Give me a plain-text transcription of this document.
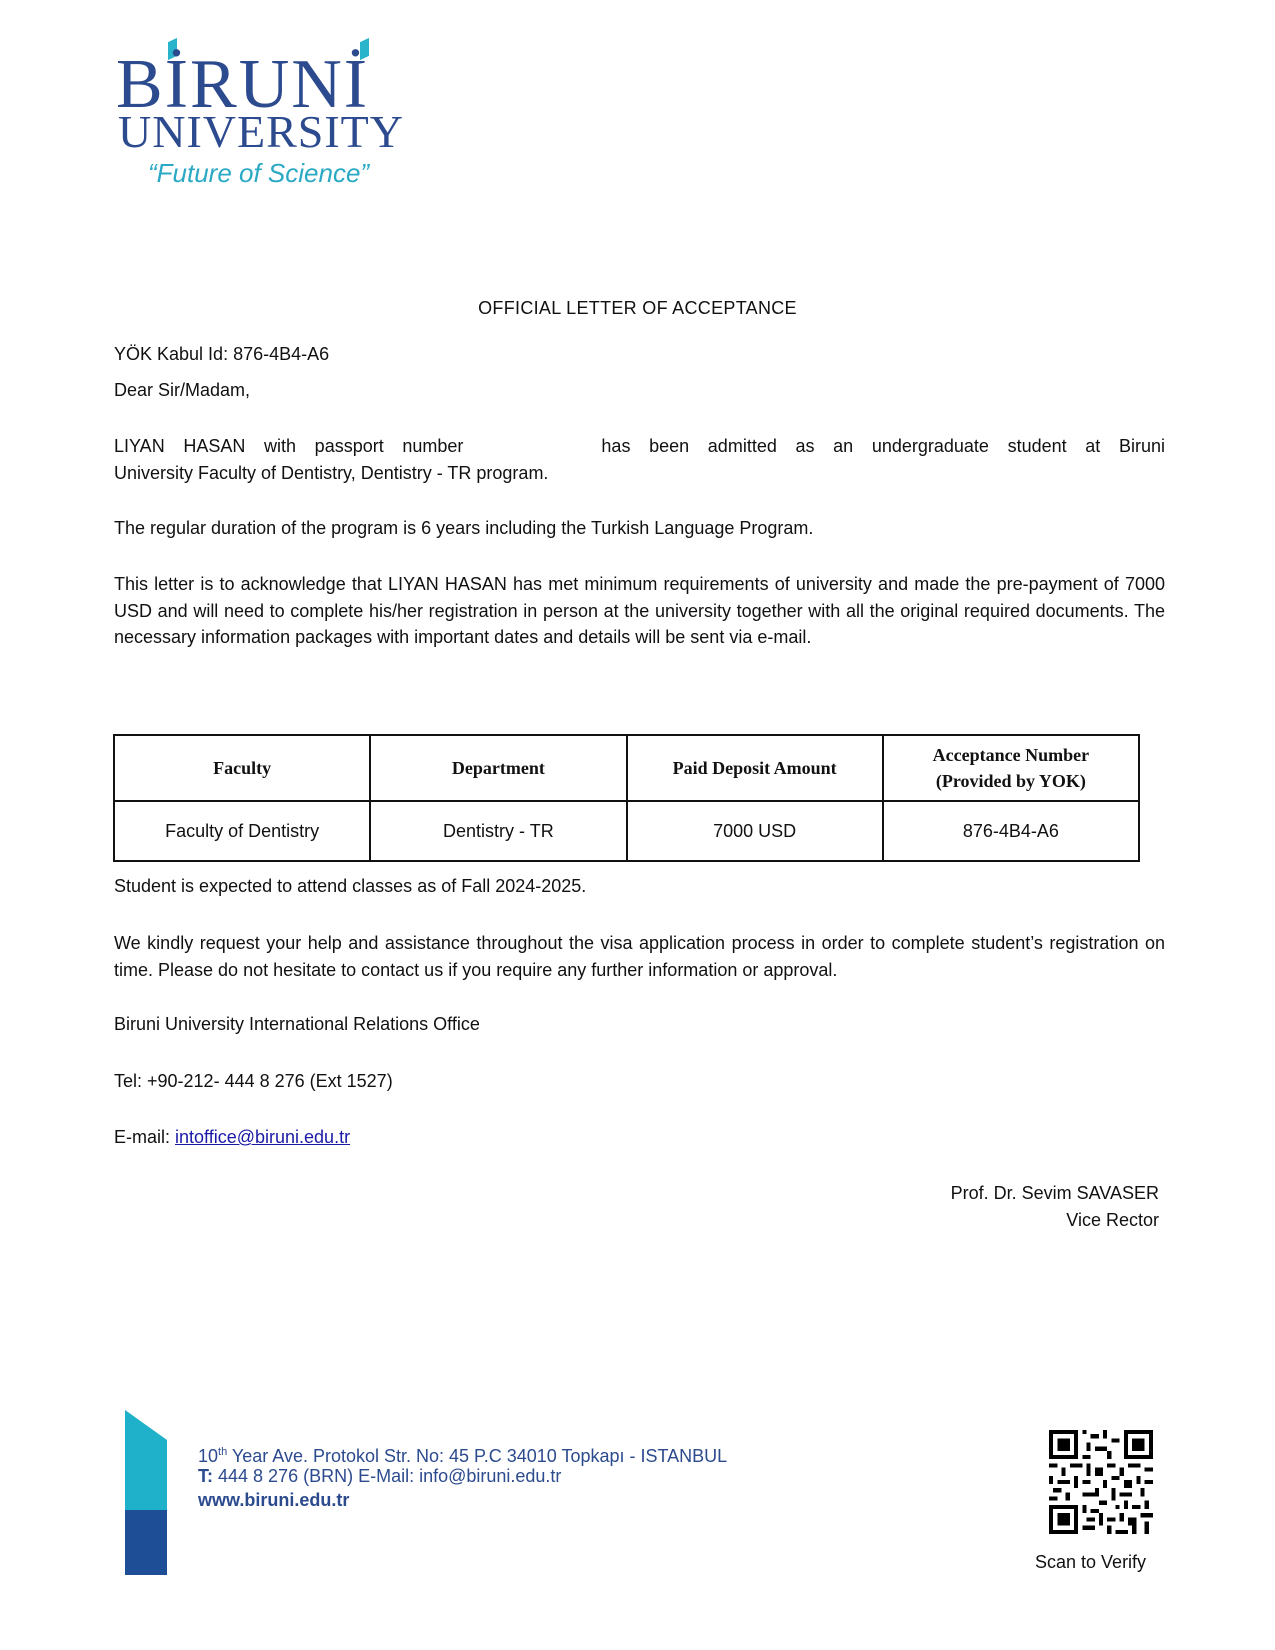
BİRUNİ
UNIVERSITY
“Future of Science”
OFFICIAL LETTER OF ACCEPTANCE
YÖK Kabul Id: 876-4B4-A6
Dear Sir/Madam,

LIYAN HASAN with passport number	has been admitted as an undergraduate student at Biruni

University Faculty of Dentistry, Dentistry - TR program.

The regular duration of the program is 6 years including the Turkish Language Program.
This letter is to acknowledge that LIYAN HASAN has met minimum requirements of university and made the pre-payment of 7000 USD and will need to complete his/her registration in person at the university together with all the original required documents. The necessary information packages with important dates and details will be sent via e-mail.
Faculty	Department	Paid Deposit Amount	Acceptance Number
(Provided by YOK)
Faculty of Dentistry	Dentistry - TR	7000 USD	876-4B4-A6
Student is expected to attend classes as of Fall 2024-2025.
We kindly request your help and assistance throughout the visa application process in order to complete student’s registration on time. Please do not hesitate to contact us if you require any further information or approval.
Biruni University International Relations Office
Tel: +90-212- 444 8 276 (Ext 1527)
E-mail: intoffice@biruni.edu.tr
Prof. Dr. Sevim SAVASER
Vice Rector
10th Year Ave. Protokol Str. No: 45 P.C 34010 Topkapı - ISTANBUL
T: 444 8 276 (BRN) E-Mail: info@biruni.edu.tr
www.biruni.edu.tr
Scan to Verify
